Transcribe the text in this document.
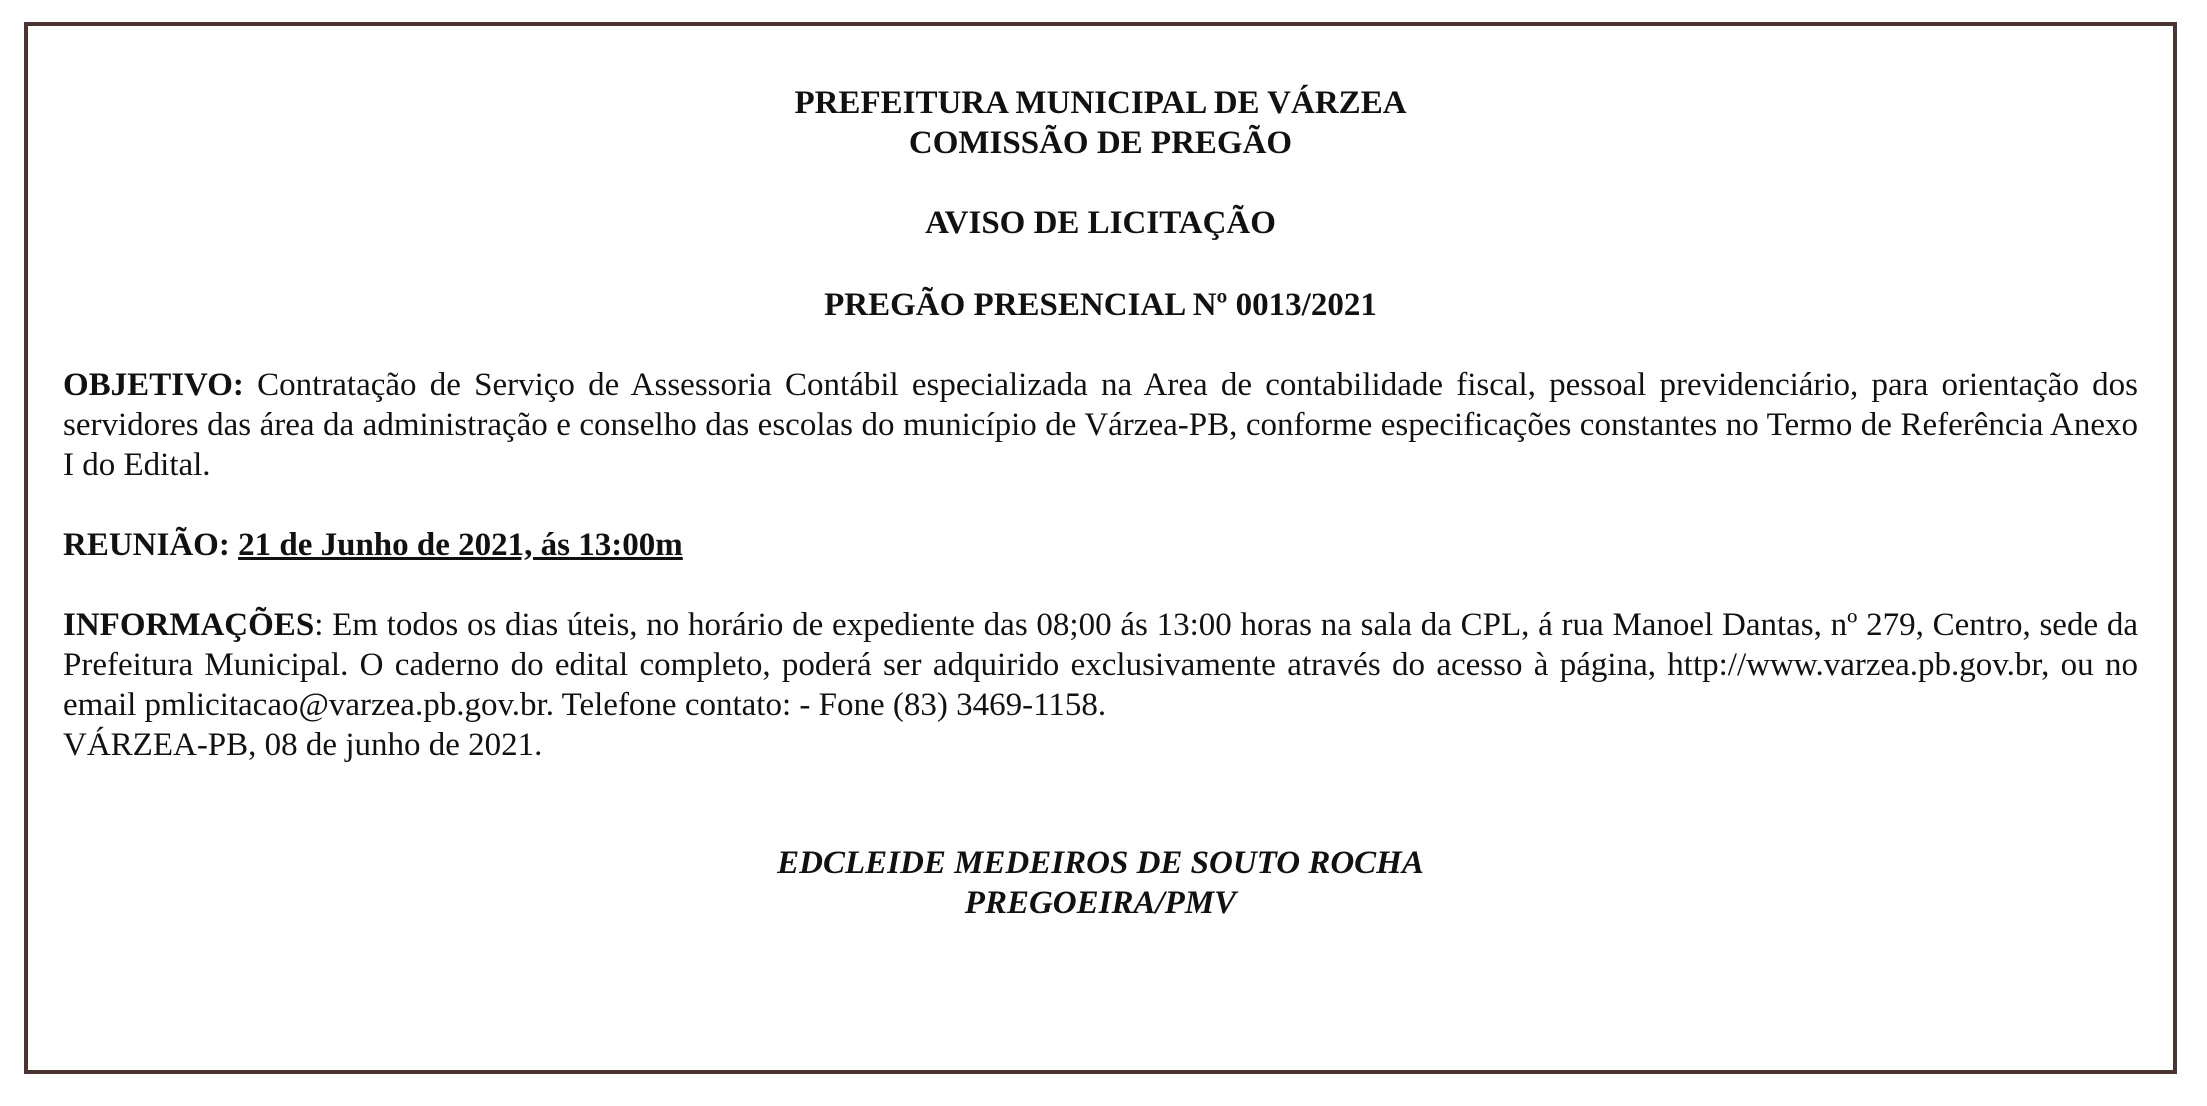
PREFEITURA MUNICIPAL DE VÁRZEA
COMISSÃO DE PREGÃO

AVISO DE LICITAÇÃO

PREGÃO PRESENCIAL Nº 0013/2021

OBJETIVO: Contratação de Serviço de Assessoria Contábil especializada na Area de contabilidade fiscal, pessoal previdenciário, para orientação dos servidores das área da administração e conselho das escolas do município de Várzea-PB, conforme especificações constantes no Termo de Referência Anexo I do Edital.

REUNIÃO: 21 de Junho de 2021, ás 13:00m

INFORMAÇÕES: Em todos os dias úteis, no horário de expediente das 08;00 ás 13:00 horas na sala da CPL, á rua Manoel Dantas, nº 279, Centro, sede da Prefeitura Municipal. O caderno do edital completo, poderá ser adquirido exclusivamente através do acesso à página, http://www.varzea.pb.gov.br, ou no email pmlicitacao@varzea.pb.gov.br. Telefone contato: - Fone (83) 3469-1158.
VÁRZEA-PB, 08 de junho de 2021.

EDCLEIDE MEDEIROS DE SOUTO ROCHA
PREGOEIRA/PMV
